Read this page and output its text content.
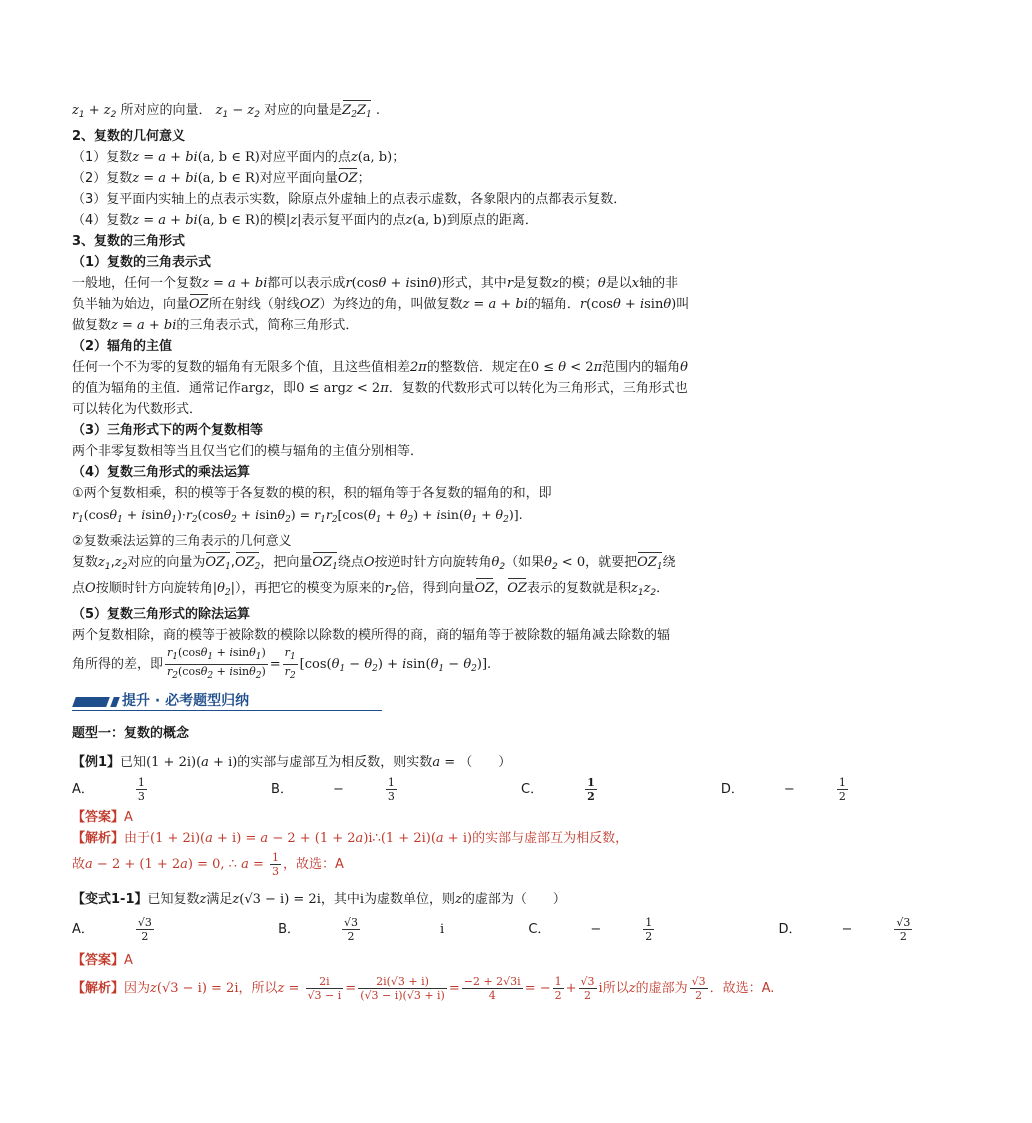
$z_1 + z_2$ 所对应的向量． $z_1 - z_2$ 对应的向量是$Z_2Z_1$ .
2、复数的几何意义
（1）复数z = a + bi(a, b ∈ R)对应平面内的点z(a, b)；
（2）复数z = a + bi(a, b ∈ R)对应平面向量OZ；
（3）复平面内实轴上的点表示实数，除原点外虚轴上的点表示虚数，各象限内的点都表示复数．
（4）复数z = a + bi(a, b ∈ R)的模|z|表示复平面内的点z(a, b)到原点的距离．
3、复数的三角形式
（1）复数的三角表示式
一般地，任何一个复数z = a + bi都可以表示成r(cosθ + isinθ)形式，其中r是复数z的模；θ是以x轴的非
负半轴为始边，向量OZ所在射线（射线OZ）为终边的角，叫做复数z = a + bi的辐角．r(cosθ + isinθ)叫
做复数z = a + bi的三角表示式，简称三角形式．
（2）辐角的主值
任何一个不为零的复数的辐角有无限多个值，且这些值相差2π的整数倍．规定在0 ≤ θ < 2π范围内的辐角θ
的值为辐角的主值．通常记作argz，即0 ≤ argz < 2π．复数的代数形式可以转化为三角形式，三角形式也
可以转化为代数形式．
（3）三角形式下的两个复数相等
两个非零复数相等当且仅当它们的模与辐角的主值分别相等．
（4）复数三角形式的乘法运算
①两个复数相乘，积的模等于各复数的模的积，积的辐角等于各复数的辐角的和，即
$r_1(\cos\theta_1 + isin\theta_1)\cdot r_2(\cos\theta_2 + isin\theta_2) = r_1r_2[\cos(\theta_1 + \theta_2) + isin(\theta_1 + \theta_2)]$.
②复数乘法运算的三角表示的几何意义
复数$z_1,z_2$对应的向量为$OZ_1,OZ_2$，把向量$OZ_1$绕点O按逆时针方向旋转角$\theta_2$（如果$\theta_2 < 0$，就要把$OZ_1$绕
点O按顺时针方向旋转角$|\theta_2|$），再把它的模变为原来的$r_2$倍，得到向量OZ，OZ表示的复数就是积$z_1z_2$．
（5）复数三角形式的除法运算
两个复数相除，商的模等于被除数的模除以除数的模所得的商，商的辐角等于被除数的辐角减去除数的辐
角所得的差，即 $\frac{r_1(\cos\theta_1 + isin\theta_1)}{r_2(\cos\theta_2 + isin\theta_2)} = \frac{r_1}{r_2} [\cos(\theta_1 - \theta_2) + isin(\theta_1 - \theta_2)]$.
提升 · 必考题型归纳
题型一：复数的概念
【例1】已知(1 + 2i)(a + i)的实部与虚部互为相反数，则实数a = （　　）
A．	$\frac{1}{3}$	B．	−	$\frac{1}{3}$	C．	$\frac{1}{2}$	D．	−	$\frac{1}{2}$
【答案】A
【解析】由于(1 + 2i)(a + i) = a − 2 + (1 + 2a)i∴(1 + 2i)(a + i)的实部与虚部互为相反数，
故a − 2 + (1 + 2a) = 0, ∴ $a = \frac{1}{3}$ ，故选：A
【变式1-1】已知复数z满足z(√3 − i) = 2i，其中i为虚数单位，则z的虚部为（　　）
A．	$\frac{√3}{2}$	B．	$\frac{√3}{2}$	i	C．	−	$\frac{1}{2}$	D．	−	$\frac{√3}{2}$
【答案】A
【解析】因为z(√3 − i) = 2i，所以$z = \frac{2i}{√3 - i} = \frac{2i(√3 + i)}{(√3 - i)(√3 + i)} = \frac{-2 + 2√3i}{4}$ = − $\frac{1}{2} + \frac{√3}{2}$ i所以z的虚部为 $\frac{√3}{2}$ ．故选：A.
